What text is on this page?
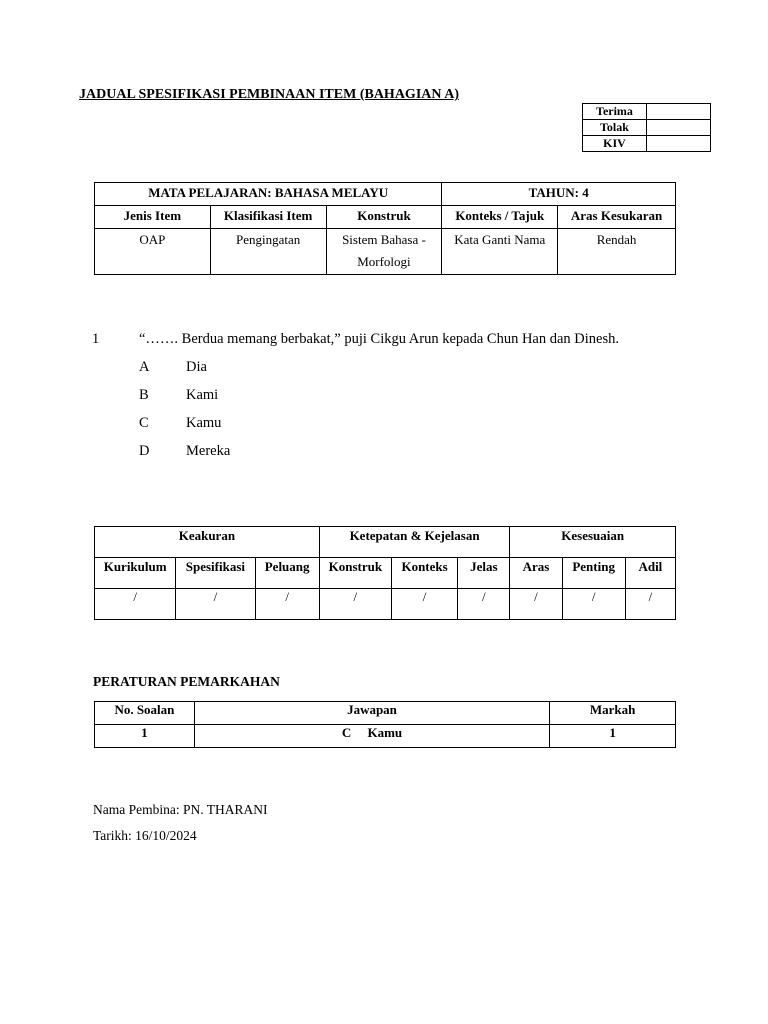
JADUAL SPESIFIKASI PEMBINAAN ITEM (BAHAGIAN A)
Terima	
Tolak	
KIV	
MATA PELAJARAN: BAHASA MELAYU			TAHUN: 4	
Jenis Item	Klasifikasi Item	Konstruk	Konteks / Tajuk	Aras Kesukaran
OAP	Pengingatan	Sistem Bahasa - Morfologi	Kata Ganti Nama	Rendah
1	“……. Berdua memang berbakat,” puji Cikgu Arun kepada Chun Han dan Dinesh.
A	Dia
B	Kami
C	Kamu
D	Mereka
Keakuran			Ketepatan & Kejelasan			Kesesuaian		
Kurikulum	Spesifikasi	Peluang	Konstruk	Konteks	Jelas	Aras	Penting	Adil
/	/	/	/	/	/	/	/	/
PERATURAN PEMARKAHAN
No. Soalan	Jawapan	Markah
1	C     Kamu	1
Nama Pembina: PN. THARANI
Tarikh: 16/10/2024
